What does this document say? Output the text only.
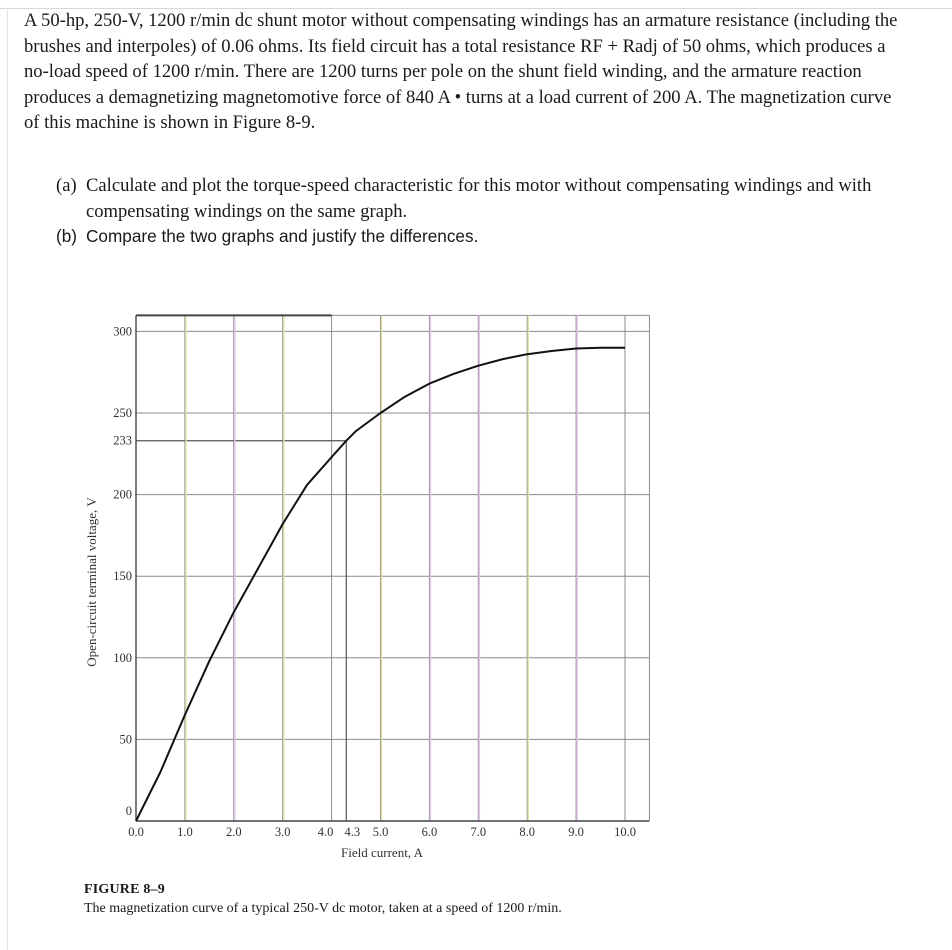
A 50-hp, 250-V, 1200 r/min dc shunt motor without compensating windings has an armature resistance (including the brushes and interpoles) of 0.06 ohms. Its field circuit has a total resistance RF + Radj of 50 ohms, which produces a no-load speed of 1200 r/min. There are 1200 turns per pole on the shunt field winding, and the armature reaction produces a demagnetizing magnetomotive force of 840 A • turns at a load current of 200 A. The magnetization curve of this machine is shown in Figure 8-9.

(a) Calculate and plot the torque-speed characteristic for this motor without compensating windings and with compensating windings on the same graph.
(b) Compare the two graphs and justify the differences.
0
50
100
150
200
233
250
300
0.0	1.0	2.0	3.0 4.0 4.3 5.0	6.0	7.0	8.0	9.0 10.0
Field current, A
Open-circuit terminal voltage, V
FIGURE 8–9
The magnetization curve of a typical 250-V dc motor, taken at a speed of 1200 r/min.
